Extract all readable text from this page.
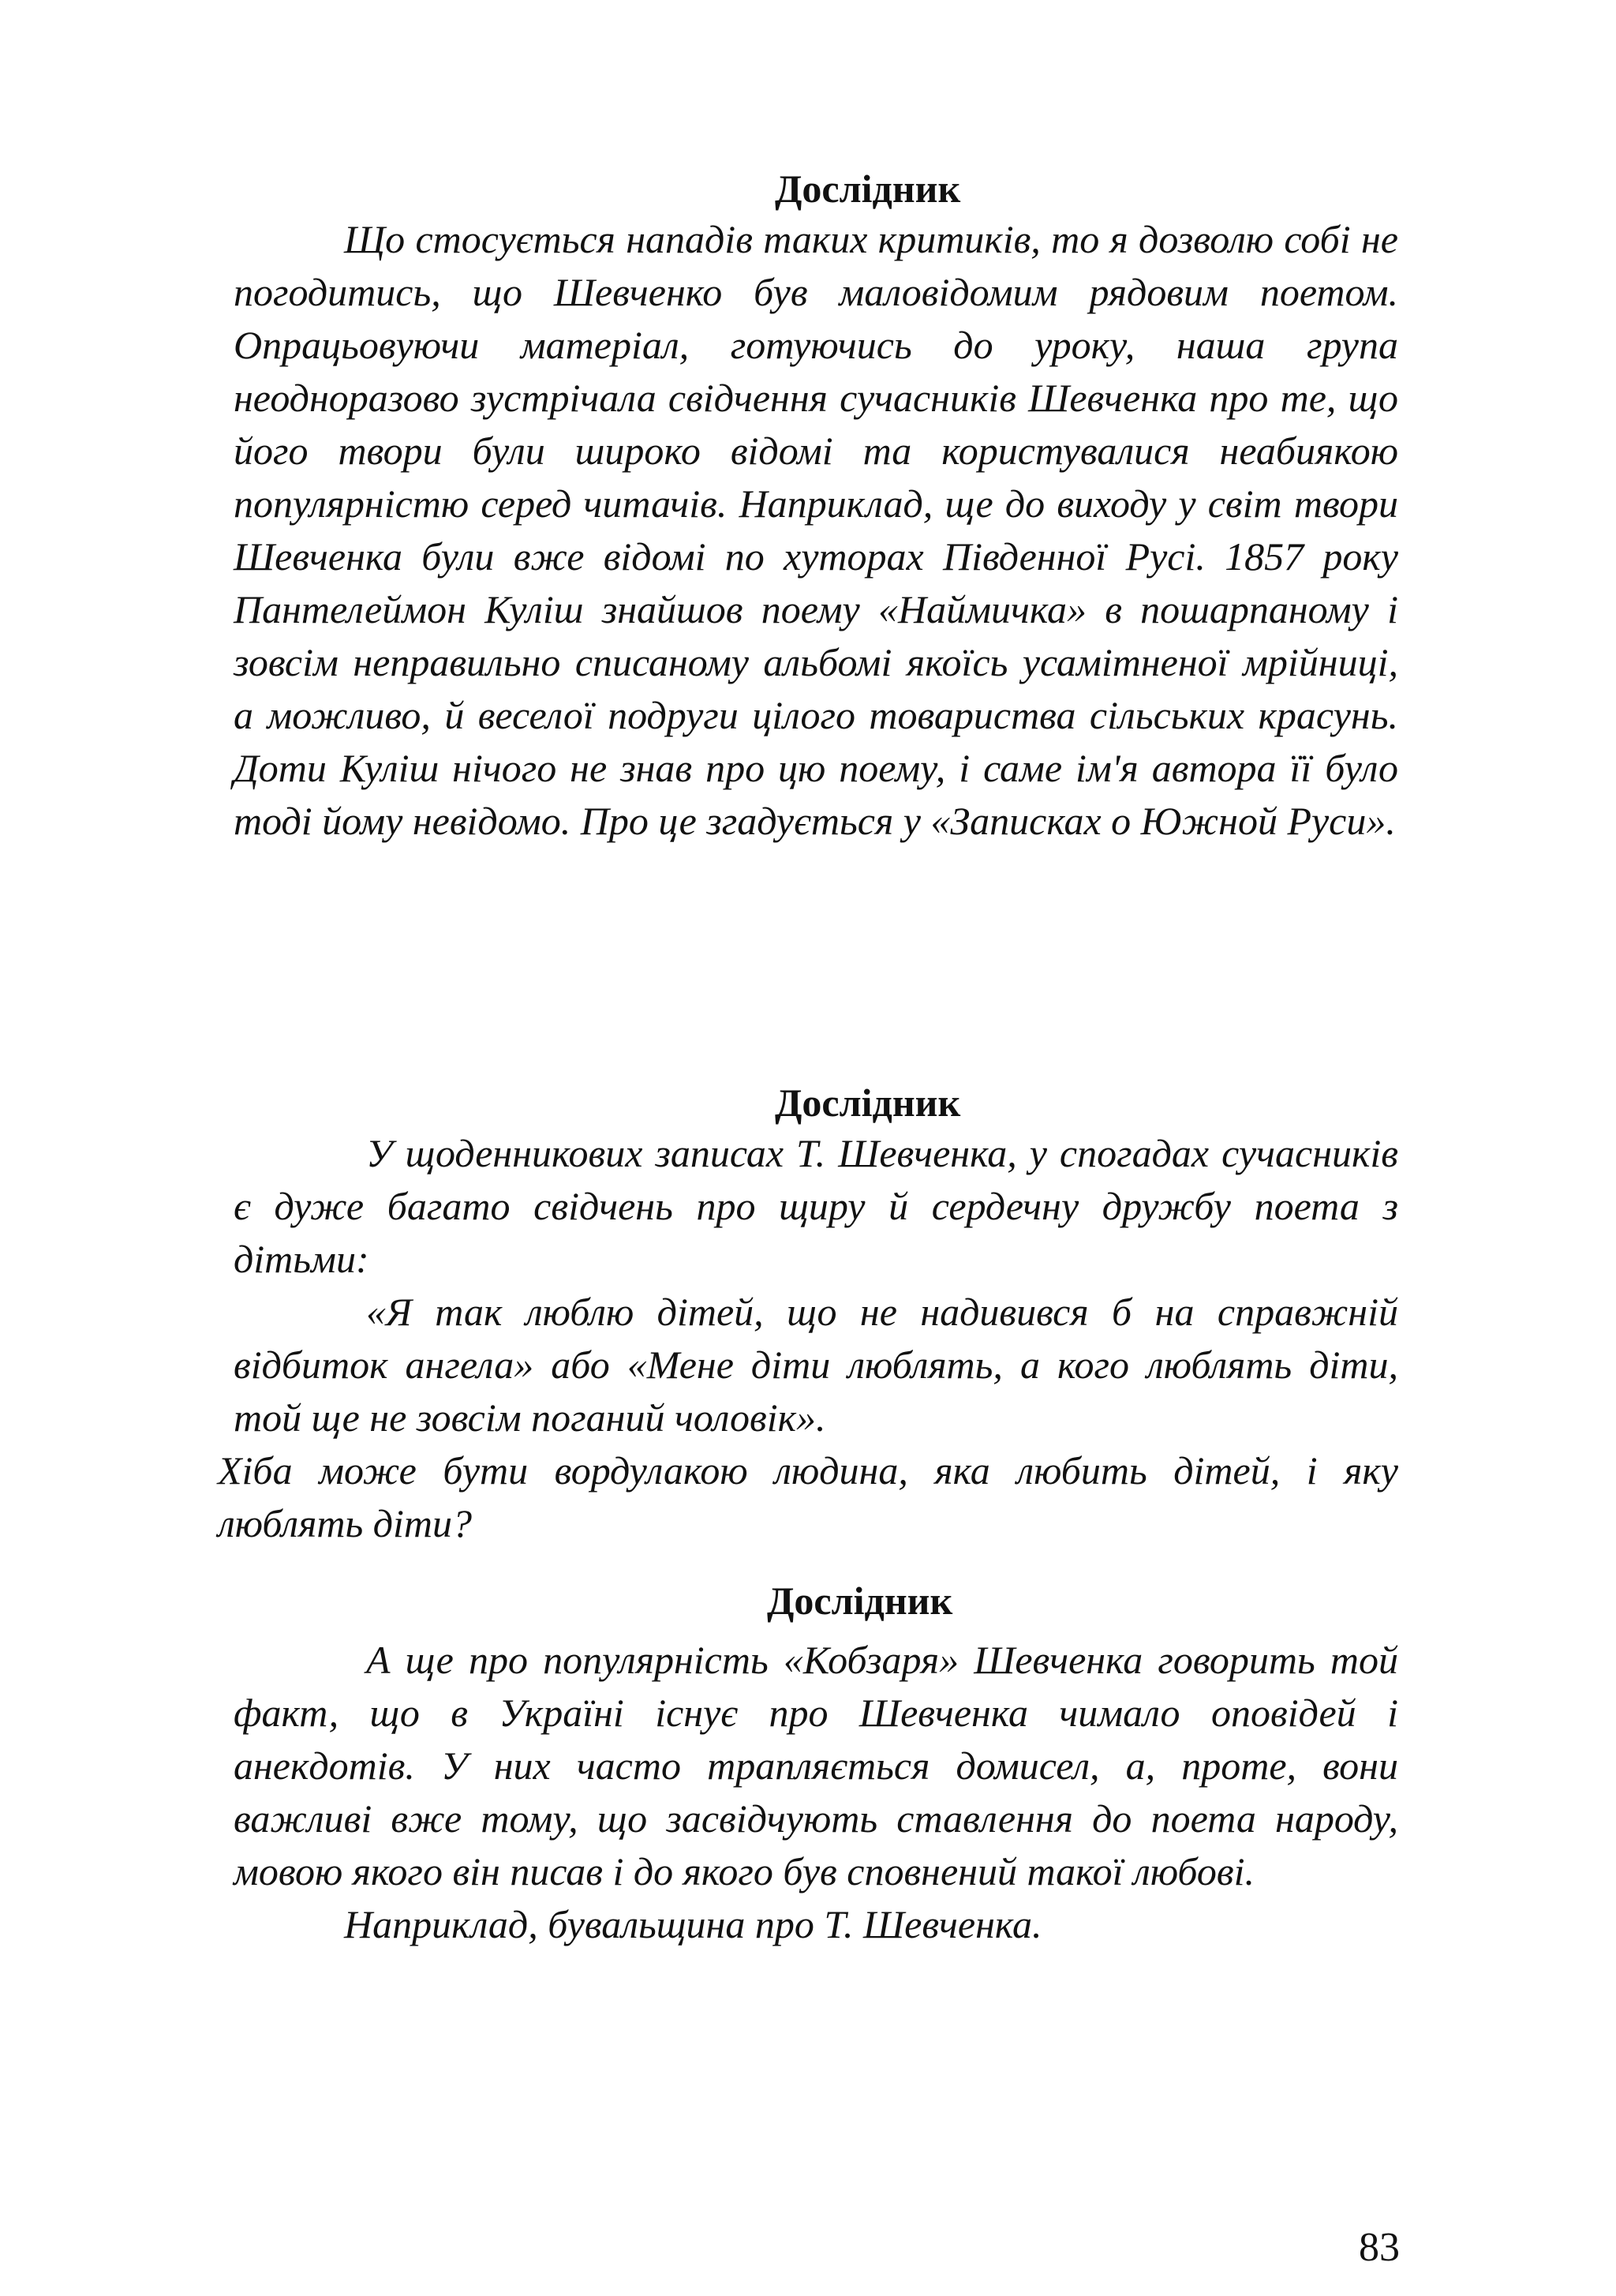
Дослідник

Що стосується нападів таких критиків, то я дозволю собі не погодитись, що Шевченко був маловідомим рядовим поетом. Опрацьовуючи матеріал, готуючись до уроку, наша група неодноразово зустрічала свідчення сучасників Шевченка про те, що його твори були широко відомі та користувалися неабиякою популярністю серед читачів. Наприклад, ще до виходу у світ твори Шевченка були вже відомі по хуторах Південної Русі. 1857 року Пантелеймон Куліш знайшов поему «Наймичка» в пошарпаному і зовсім неправильно списаному альбомі якоїсь усамітненої мрійниці, а можливо, й веселої подруги цілого товариства сільських красунь. Доти Куліш нічого не знав про цю поему, і саме ім'я автора її було тоді йому невідомо. Про це згадується у «Записках о Южной Руси».

Дослідник

У щоденникових записах Т. Шевченка, у спогадах сучасників є дуже багато свідчень про щиру й сердечну дружбу поета з дітьми:

«Я так люблю дітей, що не надивився б на справжній відбиток ангела» або «Мене діти люблять, а кого люблять діти, той ще не зовсім поганий чоловік».

Хіба може бути вордулакою людина, яка любить дітей, і яку люблять діти?
Дослідник

А ще про популярність «Кобзаря» Шевченка говорить той факт, що в Україні існує про Шевченка чимало оповідей і анекдотів. У них часто трапляється домисел, а, проте, вони важливі вже тому, що засвідчують ставлення до поета народу, мовою якого він писав і до якого був сповнений такої любові.

Наприклад, бувальщина про Т. Шевченка.

83
